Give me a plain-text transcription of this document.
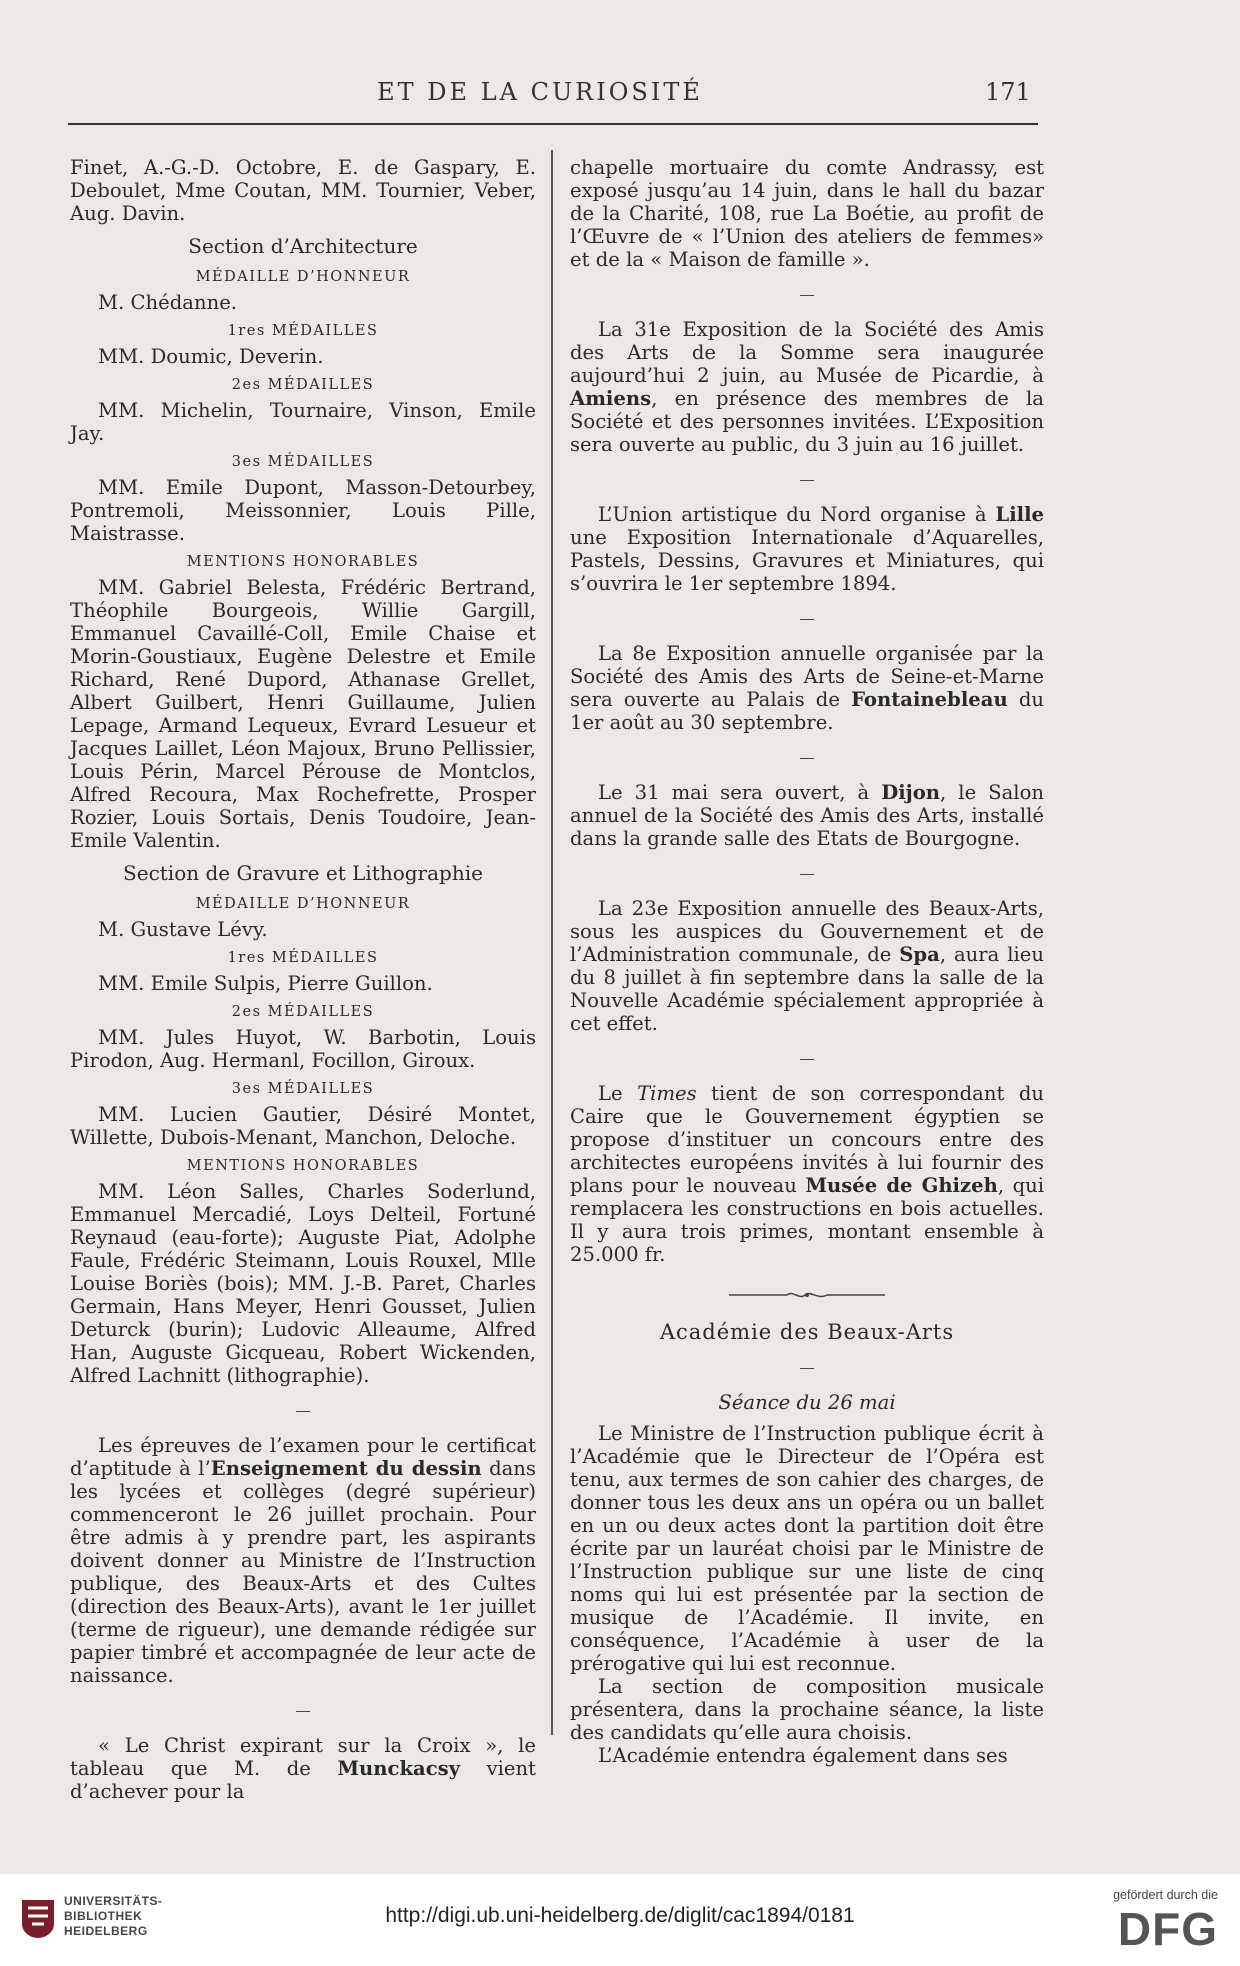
ET DE LA CURIOSITÉ	171

Finet, A.-G.-D. Octobre, E. de Gaspary, E. Deboulet, Mme Coutan, MM. Tournier, Veber, Aug. Davin.

Section d’Architecture
MÉDAILLE D’HONNEUR

M. Chédanne.

1res MÉDAILLES

MM. Doumic, Deverin.

2es MÉDAILLES

MM. Michelin, Tournaire, Vinson, Emile Jay.

3es MÉDAILLES

MM. Emile Dupont, Masson-Detourbey, Pontremoli, Meissonnier, Louis Pille, Maistrasse.

MENTIONS HONORABLES

MM. Gabriel Belesta, Frédéric Bertrand, Théophile Bourgeois, Willie Gargill, Emmanuel Cavaillé-Coll, Emile Chaise et Morin-Goustiaux, Eugène Delestre et Emile Richard, René Dupord, Athanase Grellet, Albert Guilbert, Henri Guillaume, Julien Lepage, Armand Lequeux, Evrard Lesueur et Jacques Laillet, Léon Majoux, Bruno Pellissier, Louis Périn, Marcel Pérouse de Montclos, Alfred Recoura, Max Rochefrette, Prosper Rozier, Louis Sortais, Denis Toudoire, Jean-Emile Valentin.

Section de Gravure et Lithographie
MÉDAILLE D’HONNEUR

M. Gustave Lévy.

1res MÉDAILLES

MM. Emile Sulpis, Pierre Guillon.

2es MÉDAILLES

MM. Jules Huyot, W. Barbotin, Louis Pirodon, Aug. Hermanl, Focillon, Giroux.

3es MÉDAILLES

MM. Lucien Gautier, Désiré Montet, Willette, Dubois-Menant, Manchon, Deloche.

MENTIONS HONORABLES

MM. Léon Salles, Charles Soderlund, Emmanuel Mercadié, Loys Delteil, Fortuné Reynaud (eau-forte); Auguste Piat, Adolphe Faule, Frédéric Steimann, Louis Rouxel, Mlle Louise Boriès (bois); MM. J.-B. Paret, Charles Germain, Hans Meyer, Henri Gousset, Julien Deturck (burin); Ludovic Alleaume, Alfred Han, Auguste Gicqueau, Robert Wickenden, Alfred Lachnitt (lithographie).

Les épreuves de l’examen pour le certificat d’aptitude à l’Enseignement du dessin dans les lycées et collèges (degré supérieur) commenceront le 26 juillet prochain. Pour être admis à y prendre part, les aspirants doivent donner au Ministre de l’Instruction publique, des Beaux-Arts et des Cultes (direction des Beaux-Arts), avant le 1er juillet (terme de rigueur), une demande rédigée sur papier timbré et accompagnée de leur acte de naissance.

« Le Christ expirant sur la Croix », le tableau que M. de Munckacsy vient d’achever pour la

chapelle mortuaire du comte Andrassy, est exposé jusqu’au 14 juin, dans le hall du bazar de la Charité, 108, rue La Boétie, au profit de l’Œuvre de « l’Union des ateliers de femmes» et de la « Maison de famille ».

La 31e Exposition de la Société des Amis des Arts de la Somme sera inaugurée aujourd’hui 2 juin, au Musée de Picardie, à Amiens, en présence des membres de la Société et des personnes invitées. L’Exposition sera ouverte au public, du 3 juin au 16 juillet.

L’Union artistique du Nord organise à Lille une Exposition Internationale d’Aquarelles, Pastels, Dessins, Gravures et Miniatures, qui s’ouvrira le 1er septembre 1894.

La 8e Exposition annuelle organisée par la Société des Amis des Arts de Seine-et-Marne sera ouverte au Palais de Fontainebleau du 1er août au 30 septembre.

Le 31 mai sera ouvert, à Dijon, le Salon annuel de la Société des Amis des Arts, installé dans la grande salle des Etats de Bourgogne.

La 23e Exposition annuelle des Beaux-Arts, sous les auspices du Gouvernement et de l’Administration communale, de Spa, aura lieu du 8 juillet à fin septembre dans la salle de la Nouvelle Académie spécialement appropriée à cet effet.

Le Times tient de son correspondant du Caire que le Gouvernement égyptien se propose d’instituer un concours entre des architectes européens invités à lui fournir des plans pour le nouveau Musée de Ghizeh, qui remplacera les constructions en bois actuelles. Il y aura trois primes, montant ensemble à 25.000 fr.

Académie des Beaux-Arts
Séance du 26 mai

Le Ministre de l’Instruction publique écrit à l’Académie que le Directeur de l’Opéra est tenu, aux termes de son cahier des charges, de donner tous les deux ans un opéra ou un ballet en un ou deux actes dont la partition doit être écrite par un lauréat choisi par le Ministre de l’Instruction publique sur une liste de cinq noms qui lui est présentée par la section de musique de l’Académie. Il invite, en conséquence, l’Académie à user de la prérogative qui lui est reconnue.

La section de composition musicale présentera, dans la prochaine séance, la liste des candidats qu’elle aura choisis.

L’Académie entendra également dans ses

UNIVERSITÄTS-
BIBLIOTHEK
HEIDELBERG
http://digi.ub.uni-heidelberg.de/diglit/cac1894/0181
gefördert durch die
DFG
